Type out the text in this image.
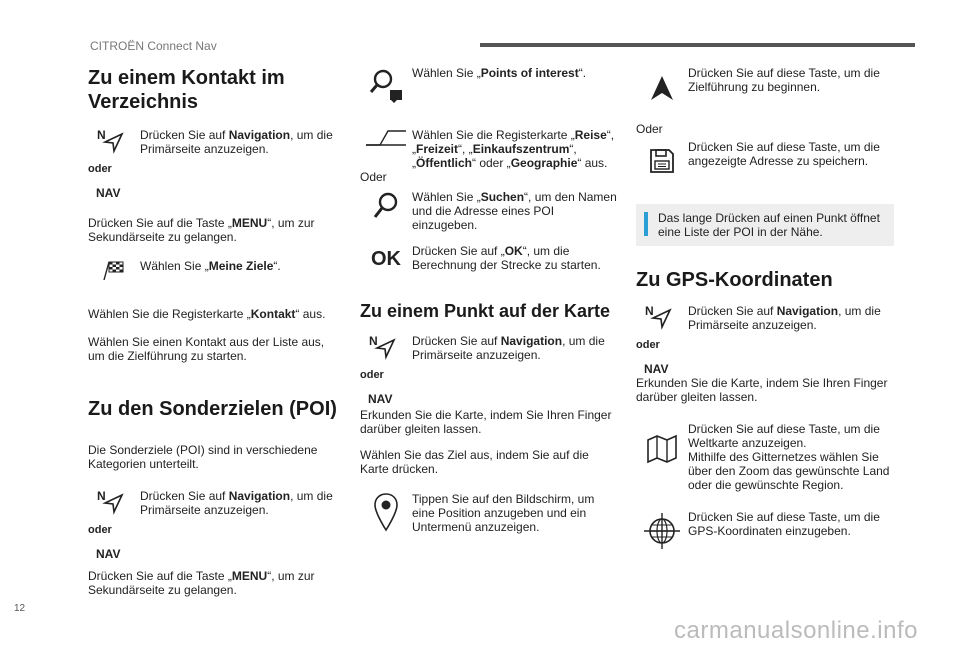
CITROËN Connect Nav
Zu einem Kontakt im Verzeichnis
N
oder
NAV
Drücken Sie auf Navigation, um die Primärseite anzuzeigen.

Drücken Sie auf die Taste „MENU“, um zur Sekundärseite zu gelangen.

Wählen Sie „Meine Ziele“.

Wählen Sie die Registerkarte „Kontakt“ aus.

Wählen Sie einen Kontakt aus der Liste aus, um die Zielführung zu starten.

Zu den Sonderzielen (POI)

Die Sonderziele (POI) sind in verschiedene Kategorien unterteilt.

N
oder
NAV
Drücken Sie auf Navigation, um die Primärseite anzuzeigen.

Drücken Sie auf die Taste „MENU“, um zur Sekundärseite zu gelangen.

Wählen Sie „Points of interest“.
Wählen Sie die Registerkarte „Reise“, „Freizeit“, „Einkaufszentrum“, „Öffentlich“ oder „Geographie“ aus.

Oder

Wählen Sie „Suchen“, um den Namen und die Adresse eines POI einzugeben.
OK Drücken Sie auf „OK“, um die Berechnung der Strecke zu starten.
Zu einem Punkt auf der Karte
N
oder
NAV
Drücken Sie auf Navigation, um die Primärseite anzuzeigen.

Erkunden Sie die Karte, indem Sie Ihren Finger darüber gleiten lassen.

Wählen Sie das Ziel aus, indem Sie auf die Karte drücken.

Tippen Sie auf den Bildschirm, um eine Position anzugeben und ein Untermenü anzuzeigen.
Drücken Sie auf diese Taste, um die Zielführung zu beginnen.

Oder

Drücken Sie auf diese Taste, um die angezeigte Adresse zu speichern.
Das lange Drücken auf einen Punkt öffnet eine Liste der POI in der Nähe.
Zu GPS-Koordinaten
N
oder
NAV
Drücken Sie auf Navigation, um die Primärseite anzuzeigen.

Erkunden Sie die Karte, indem Sie Ihren Finger darüber gleiten lassen.

Drücken Sie auf diese Taste, um die Weltkarte anzuzeigen.
Mithilfe des Gitternetzes wählen Sie über den Zoom das gewünschte Land oder die gewünschte Region.
Drücken Sie auf diese Taste, um die GPS-Koordinaten einzugeben.
12
carmanualsonline.info
